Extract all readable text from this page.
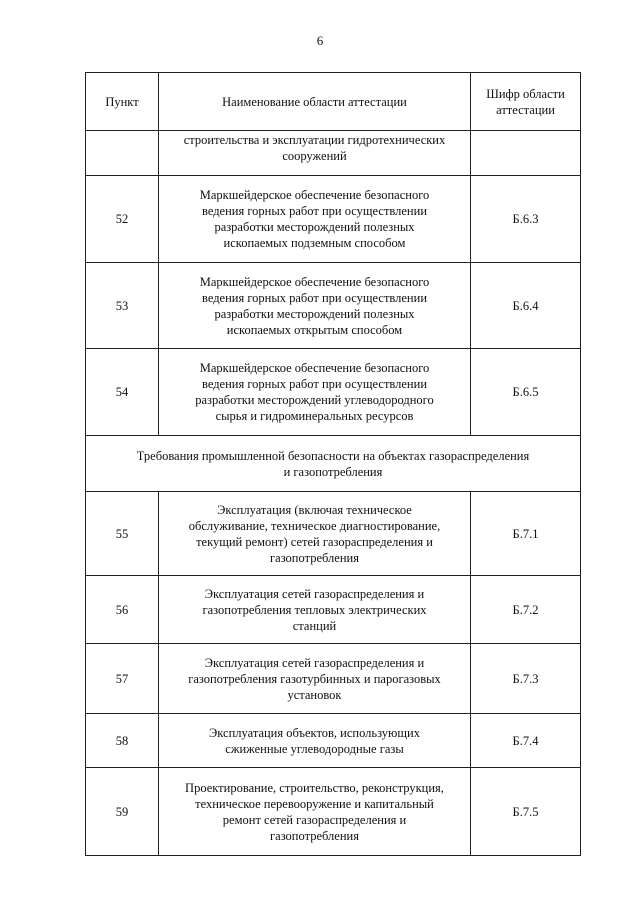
6
Пункт	Наименование области аттестации	Шифр области
аттестации
	строительства и эксплуатации гидротехнических
сооружений	
52	Маркшейдерское обеспечение безопасного
ведения горных работ при осуществлении
разработки месторождений полезных
ископаемых подземным способом	Б.6.3
53	Маркшейдерское обеспечение безопасного
ведения горных работ при осуществлении
разработки месторождений полезных
ископаемых открытым способом	Б.6.4
54	Маркшейдерское обеспечение безопасного
ведения горных работ при осуществлении
разработки месторождений углеводородного
сырья и гидроминеральных ресурсов	Б.6.5
Требования промышленной безопасности на объектах газораспределения
и газопотребления		
55	Эксплуатация (включая техническое
обслуживание, техническое диагностирование,
текущий ремонт) сетей газораспределения и
газопотребления	Б.7.1
56	Эксплуатация сетей газораспределения и
газопотребления тепловых электрических
станций	Б.7.2
57	Эксплуатация сетей газораспределения и
газопотребления газотурбинных и парогазовых
установок	Б.7.3
58	Эксплуатация объектов, использующих
сжиженные углеводородные газы	Б.7.4
59	Проектирование, строительство, реконструкция,
техническое перевооружение и капитальный
ремонт сетей газораспределения и
газопотребления	Б.7.5
